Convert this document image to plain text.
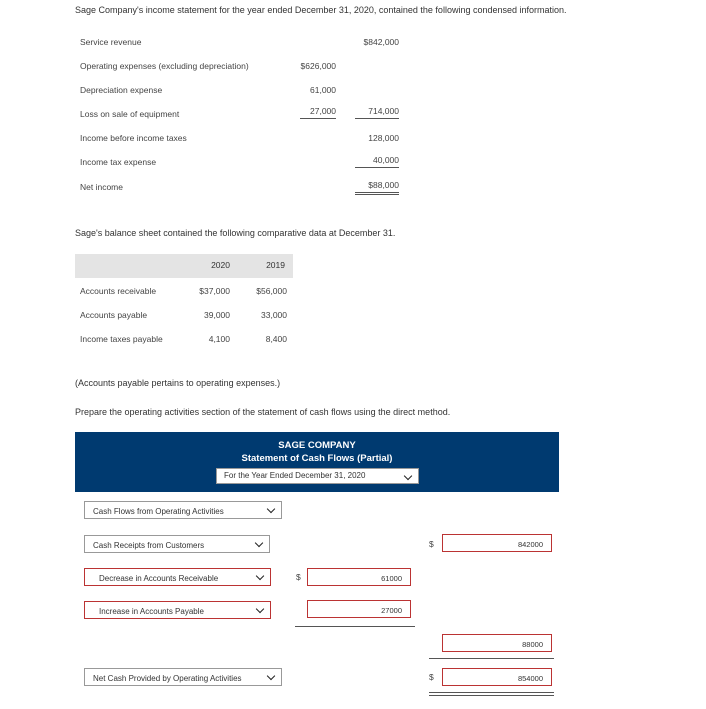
Sage Company's income statement for the year ended December 31, 2020, contained the following condensed information.
Service revenue	$842,000
Operating expenses (excluding depreciation)	$626,000
Depreciation expense	61,000
Loss on sale of equipment	27,000	714,000
Income before income taxes	128,000
Income tax expense	40,000
Net income	$88,000
Sage's balance sheet contained the following comparative data at December 31.
2020	2019
Accounts receivable	$37,000	$56,000
Accounts payable	39,000	33,000
Income taxes payable	4,100	8,400
(Accounts payable pertains to operating expenses.)
Prepare the operating activities section of the statement of cash flows using the direct method.
SAGE COMPANY
Statement of Cash Flows (Partial)
For the Year Ended December 31, 2020
Cash Flows from Operating Activities
Cash Receipts from Customers	$	842000
Decrease in Accounts Receivable	$	61000
Increase in Accounts Payable	27000
88000
Net Cash Provided by Operating Activities	$	854000
